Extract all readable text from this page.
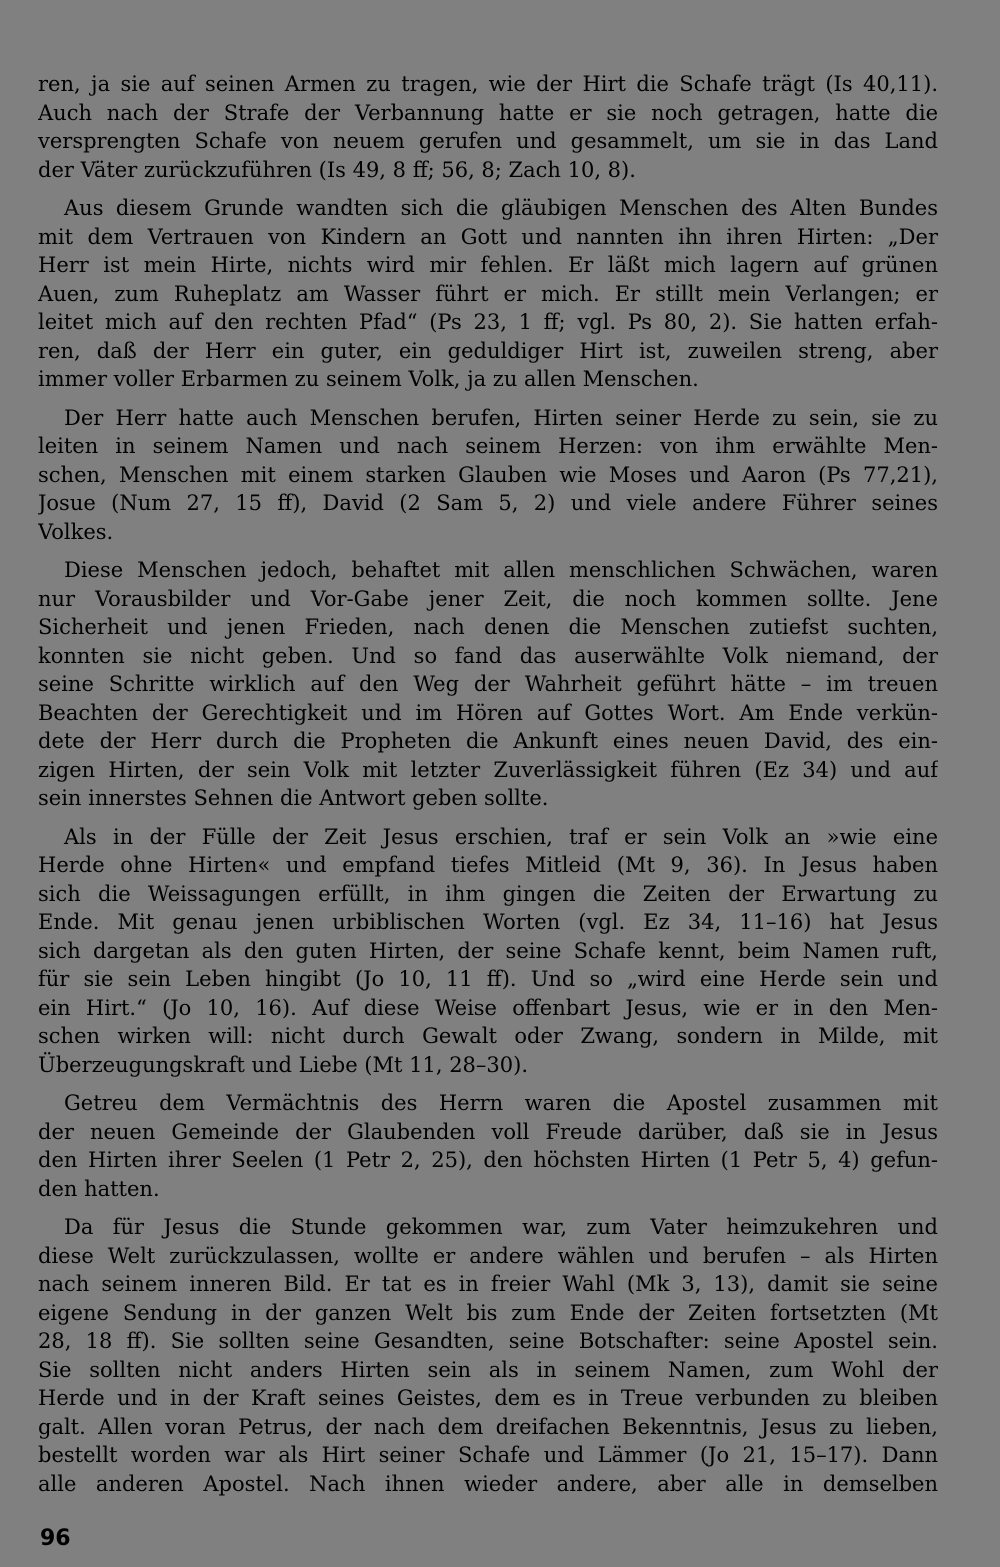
ren, ja sie auf seinen Armen zu tragen, wie der Hirt die Schafe trägt (Is 40,11).
Auch nach der Strafe der Verbannung hatte er sie noch getragen, hatte die
versprengten Schafe von neuem gerufen und gesammelt, um sie in das Land
der Väter zurückzuführen (Is 49, 8 ff; 56, 8; Zach 10, 8).
Aus diesem Grunde wandten sich die gläubigen Menschen des Alten Bundes
mit dem Vertrauen von Kindern an Gott und nannten ihn ihren Hirten: „Der
Herr ist mein Hirte, nichts wird mir fehlen. Er läßt mich lagern auf grünen
Auen, zum Ruheplatz am Wasser führt er mich. Er stillt mein Verlangen; er
leitet mich auf den rechten Pfad“ (Ps 23, 1 ff; vgl. Ps 80, 2). Sie hatten erfah-
ren, daß der Herr ein guter, ein geduldiger Hirt ist, zuweilen streng, aber
immer voller Erbarmen zu seinem Volk, ja zu allen Menschen.
Der Herr hatte auch Menschen berufen, Hirten seiner Herde zu sein, sie zu
leiten in seinem Namen und nach seinem Herzen: von ihm erwählte Men-
schen, Menschen mit einem starken Glauben wie Moses und Aaron (Ps 77,21),
Josue (Num 27, 15 ff), David (2 Sam 5, 2) und viele andere Führer seines
Volkes.
Diese Menschen jedoch, behaftet mit allen menschlichen Schwächen, waren
nur Vorausbilder und Vor-Gabe jener Zeit, die noch kommen sollte. Jene
Sicherheit und jenen Frieden, nach denen die Menschen zutiefst suchten,
konnten sie nicht geben. Und so fand das auserwählte Volk niemand, der
seine Schritte wirklich auf den Weg der Wahrheit geführt hätte – im treuen
Beachten der Gerechtigkeit und im Hören auf Gottes Wort. Am Ende verkün-
dete der Herr durch die Propheten die Ankunft eines neuen David, des ein-
zigen Hirten, der sein Volk mit letzter Zuverlässigkeit führen (Ez 34) und auf
sein innerstes Sehnen die Antwort geben sollte.
Als in der Fülle der Zeit Jesus erschien, traf er sein Volk an »wie eine
Herde ohne Hirten« und empfand tiefes Mitleid (Mt 9, 36). In Jesus haben
sich die Weissagungen erfüllt, in ihm gingen die Zeiten der Erwartung zu
Ende. Mit genau jenen urbiblischen Worten (vgl. Ez 34, 11–16) hat Jesus
sich dargetan als den guten Hirten, der seine Schafe kennt, beim Namen ruft,
für sie sein Leben hingibt (Jo 10, 11 ff). Und so „wird eine Herde sein und
ein Hirt.“ (Jo 10, 16). Auf diese Weise offenbart Jesus, wie er in den Men-
schen wirken will: nicht durch Gewalt oder Zwang, sondern in Milde, mit
Überzeugungskraft und Liebe (Mt 11, 28–30).
Getreu dem Vermächtnis des Herrn waren die Apostel zusammen mit
der neuen Gemeinde der Glaubenden voll Freude darüber, daß sie in Jesus
den Hirten ihrer Seelen (1 Petr 2, 25), den höchsten Hirten (1 Petr 5, 4) gefun-
den hatten.
Da für Jesus die Stunde gekommen war, zum Vater heimzukehren und
diese Welt zurückzulassen, wollte er andere wählen und berufen – als Hirten
nach seinem inneren Bild. Er tat es in freier Wahl (Mk 3, 13), damit sie seine
eigene Sendung in der ganzen Welt bis zum Ende der Zeiten fortsetzten (Mt
28, 18 ff). Sie sollten seine Gesandten, seine Botschafter: seine Apostel sein.
Sie sollten nicht anders Hirten sein als in seinem Namen, zum Wohl der
Herde und in der Kraft seines Geistes, dem es in Treue verbunden zu bleiben
galt. Allen voran Petrus, der nach dem dreifachen Bekenntnis, Jesus zu lieben,
bestellt worden war als Hirt seiner Schafe und Lämmer (Jo 21, 15–17). Dann
alle anderen Apostel. Nach ihnen wieder andere, aber alle in demselben
96
